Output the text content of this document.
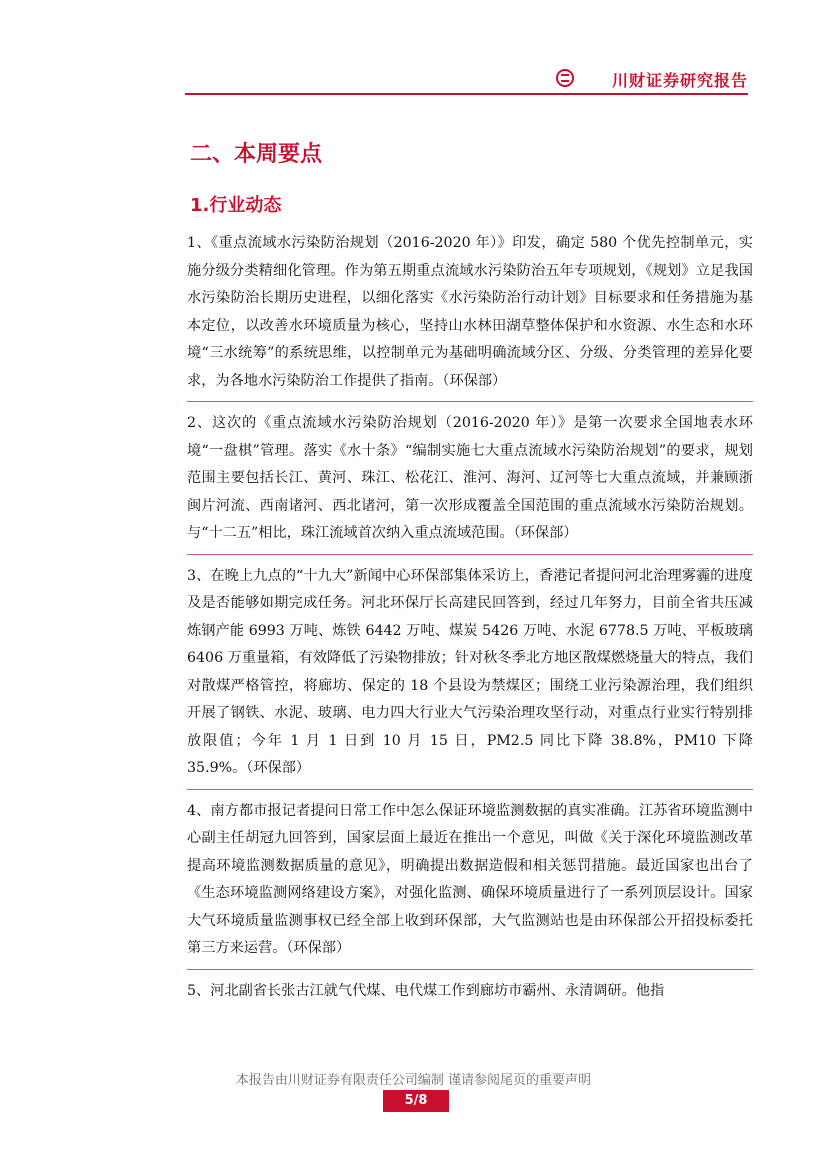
川财证券研究报告
二、本周要点
1.行业动态

1、《重点流域水污染防治规划（2016-2020 年）》印发，确定 580 个优先控制单元，实施分级分类精细化管理。作为第五期重点流域水污染防治五年专项规划，《规划》立足我国水污染防治长期历史进程，以细化落实《水污染防治行动计划》目标要求和任务措施为基本定位，以改善水环境质量为核心，坚持山水林田湖草整体保护和水资源、水生态和水环境“三水统筹”的系统思维，以控制单元为基础明确流域分区、分级、分类管理的差异化要求，为各地水污染防治工作提供了指南。（环保部）

2、这次的《重点流域水污染防治规划（2016-2020 年）》是第一次要求全国地表水环境“一盘棋”管理。落实《水十条》“编制实施七大重点流域水污染防治规划”的要求，规划范围主要包括长江、黄河、珠江、松花江、淮河、海河、辽河等七大重点流域，并兼顾浙闽片河流、西南诸河、西北诸河，第一次形成覆盖全国范围的重点流域水污染防治规划。与“十二五”相比，珠江流域首次纳入重点流域范围。（环保部）

3、在晚上九点的“十九大”新闻中心环保部集体采访上，香港记者提问河北治理雾霾的进度及是否能够如期完成任务。河北环保厅长高建民回答到，经过几年努力，目前全省共压减炼钢产能 6993 万吨、炼铁 6442 万吨、煤炭 5426 万吨、水泥 6778.5 万吨、平板玻璃 6406 万重量箱，有效降低了污染物排放；针对秋冬季北方地区散煤燃烧量大的特点，我们对散煤严格管控，将廊坊、保定的 18 个县设为禁煤区；围绕工业污染源治理，我们组织开展了钢铁、水泥、玻璃、电力四大行业大气污染治理攻坚行动，对重点行业实行特别排放限值；今年 1 月 1 日到 10 月 15 日，PM2.5 同比下降 38.8%，PM10 下降 35.9%。（环保部）

4、南方都市报记者提问日常工作中怎么保证环境监测数据的真实准确。江苏省环境监测中心副主任胡冠九回答到，国家层面上最近在推出一个意见，叫做《关于深化环境监测改革提高环境监测数据质量的意见》，明确提出数据造假和相关惩罚措施。最近国家也出台了《生态环境监测网络建设方案》，对强化监测、确保环境质量进行了一系列顶层设计。国家大气环境质量监测事权已经全部上收到环保部，大气监测站也是由环保部公开招投标委托第三方来运营。（环保部）

5、河北副省长张古江就气代煤、电代煤工作到廊坊市霸州、永清调研。他指

本报告由川财证券有限责任公司编制 谨请参阅尾页的重要声明
5/8
